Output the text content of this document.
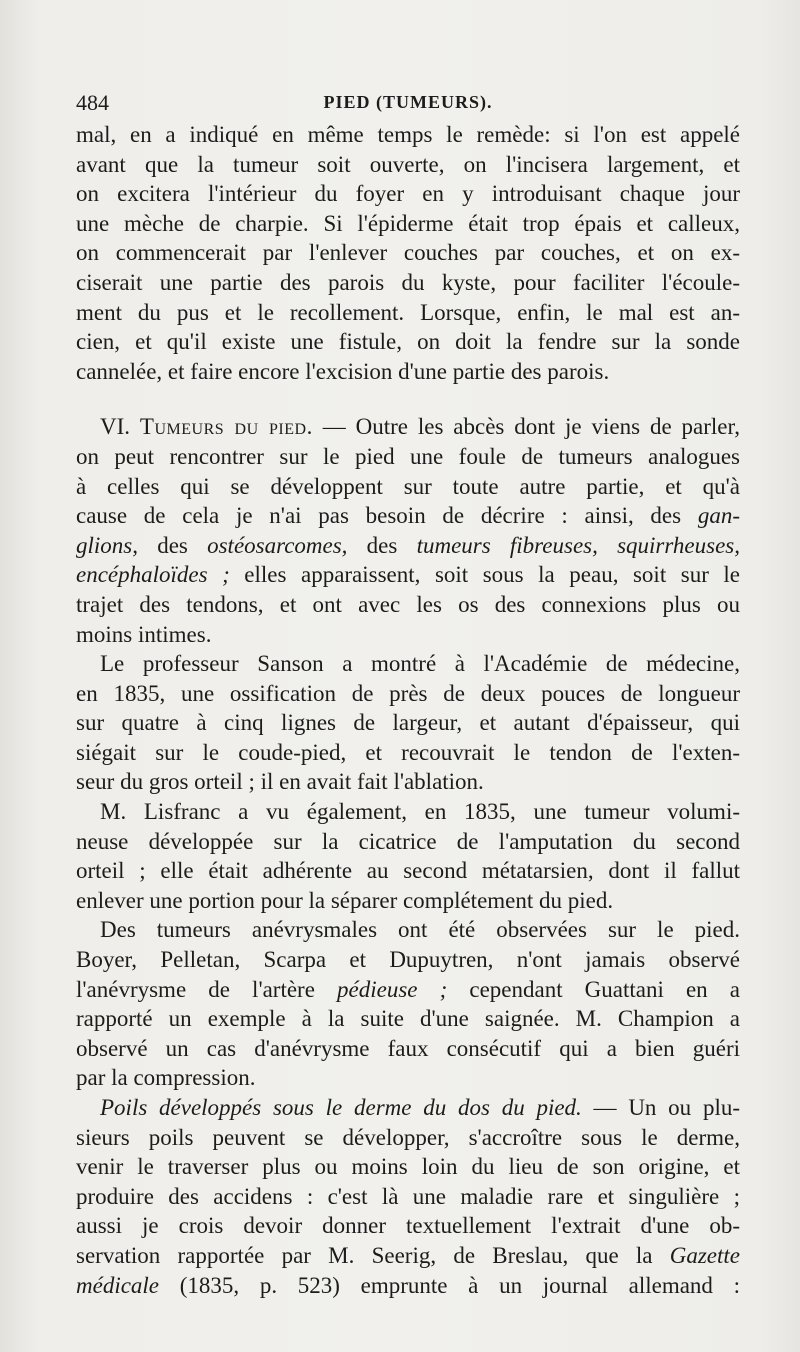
484	PIED (TUMEURS).

mal, en a indiqué en même temps le remède: si l'on est appelé

avant que la tumeur soit ouverte, on l'incisera largement, et

on excitera l'intérieur du foyer en y introduisant chaque jour

une mèche de charpie. Si l'épiderme était trop épais et calleux,

on commencerait par l'enlever couches par couches, et on ex-

ciserait une partie des parois du kyste, pour faciliter l'écoule-

ment du pus et le recollement. Lorsque, enfin, le mal est an-

cien, et qu'il existe une fistule, on doit la fendre sur la sonde

cannelée, et faire encore l'excision d'une partie des parois.

VI. Tumeurs du pied. — Outre les abcès dont je viens de parler,

on peut rencontrer sur le pied une foule de tumeurs analogues

à celles qui se développent sur toute autre partie, et qu'à

cause de cela je n'ai pas besoin de décrire : ainsi, des gan-

glions, des ostéosarcomes, des tumeurs fibreuses, squirrheuses,

encéphaloïdes ; elles apparaissent, soit sous la peau, soit sur le

trajet des tendons, et ont avec les os des connexions plus ou

moins intimes.

Le professeur Sanson a montré à l'Académie de médecine,

en 1835, une ossification de près de deux pouces de longueur

sur quatre à cinq lignes de largeur, et autant d'épaisseur, qui

siégait sur le coude-pied, et recouvrait le tendon de l'exten-

seur du gros orteil ; il en avait fait l'ablation.

M. Lisfranc a vu également, en 1835, une tumeur volumi-

neuse développée sur la cicatrice de l'amputation du second

orteil ; elle était adhérente au second métatarsien, dont il fallut

enlever une portion pour la séparer complétement du pied.

Des tumeurs anévrysmales ont été observées sur le pied.

Boyer, Pelletan, Scarpa et Dupuytren, n'ont jamais observé

l'anévrysme de l'artère pédieuse ; cependant Guattani en a

rapporté un exemple à la suite d'une saignée. M. Champion a

observé un cas d'anévrysme faux consécutif qui a bien guéri

par la compression.

Poils développés sous le derme du dos du pied. — Un ou plu-

sieurs poils peuvent se développer, s'accroître sous le derme,

venir le traverser plus ou moins loin du lieu de son origine, et

produire des accidens : c'est là une maladie rare et singulière ;

aussi je crois devoir donner textuellement l'extrait d'une ob-

servation rapportée par M. Seerig, de Breslau, que la Gazette

médicale (1835, p. 523) emprunte à un journal allemand :
